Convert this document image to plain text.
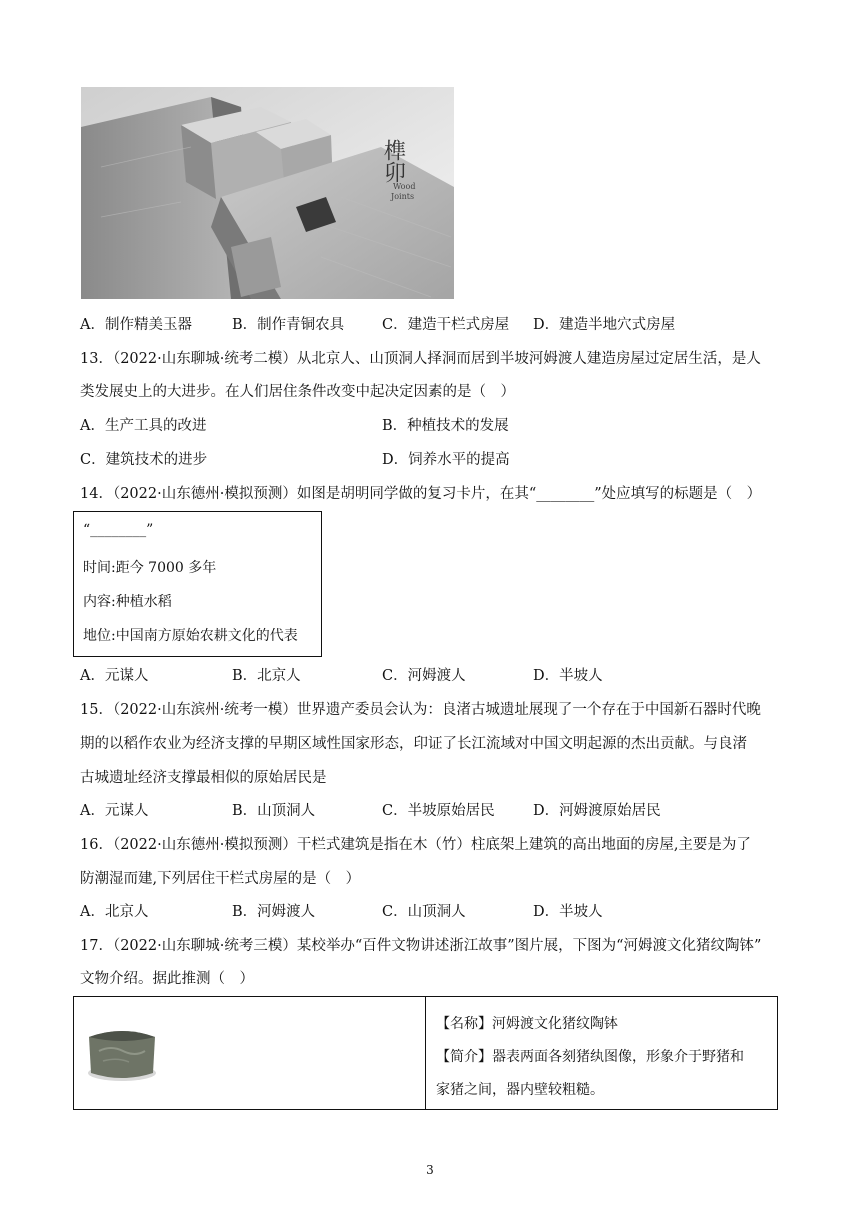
榫卯
Wood
Joints
A．制作精美玉器	B．制作青铜农具	C．建造干栏式房屋 D．建造半地穴式房屋
13．（2022·山东聊城·统考二模）从北京人、山顶洞人择洞而居到半坡河姆渡人建造房屋过定居生活，是人
类发展史上的大进步。在人们居住条件改变中起决定因素的是（　）
A．生产工具的改进	B．种植技术的发展
C．建筑技术的进步	D．饲养水平的提高
14．（2022·山东德州·模拟预测）如图是胡明同学做的复习卡片，在其“________”处应填写的标题是（　）
“________”
时间:距今 7000 多年
内容:种植水稻
地位:中国南方原始农耕文化的代表
A．元谋人	B．北京人	C．河姆渡人	D．半坡人
15．（2022·山东滨州·统考一模）世界遗产委员会认为：良渚古城遗址展现了一个存在于中国新石器时代晚
期的以稻作农业为经济支撑的早期区域性国家形态，印证了长江流域对中国文明起源的杰出贡献。与良渚
古城遗址经济支撑最相似的原始居民是
A．元谋人	B．山顶洞人	C．半坡原始居民	D．河姆渡原始居民
16．（2022·山东德州·模拟预测）干栏式建筑是指在木（竹）柱底架上建筑的高出地面的房屋,主要是为了
防潮湿而建,下列居住干栏式房屋的是（　）
A．北京人	B．河姆渡人	C．山顶洞人	D．半坡人
17．（2022·山东聊城·统考三模）某校举办“百件文物讲述浙江故事”图片展，下图为“河姆渡文化猪纹陶钵”
文物介绍。据此推测（　）
【名称】河姆渡文化猪纹陶钵
【简介】器表两面各刻猪纨图像，形象介于野猪和
家猪之间，器内壁较粗糙。
3
